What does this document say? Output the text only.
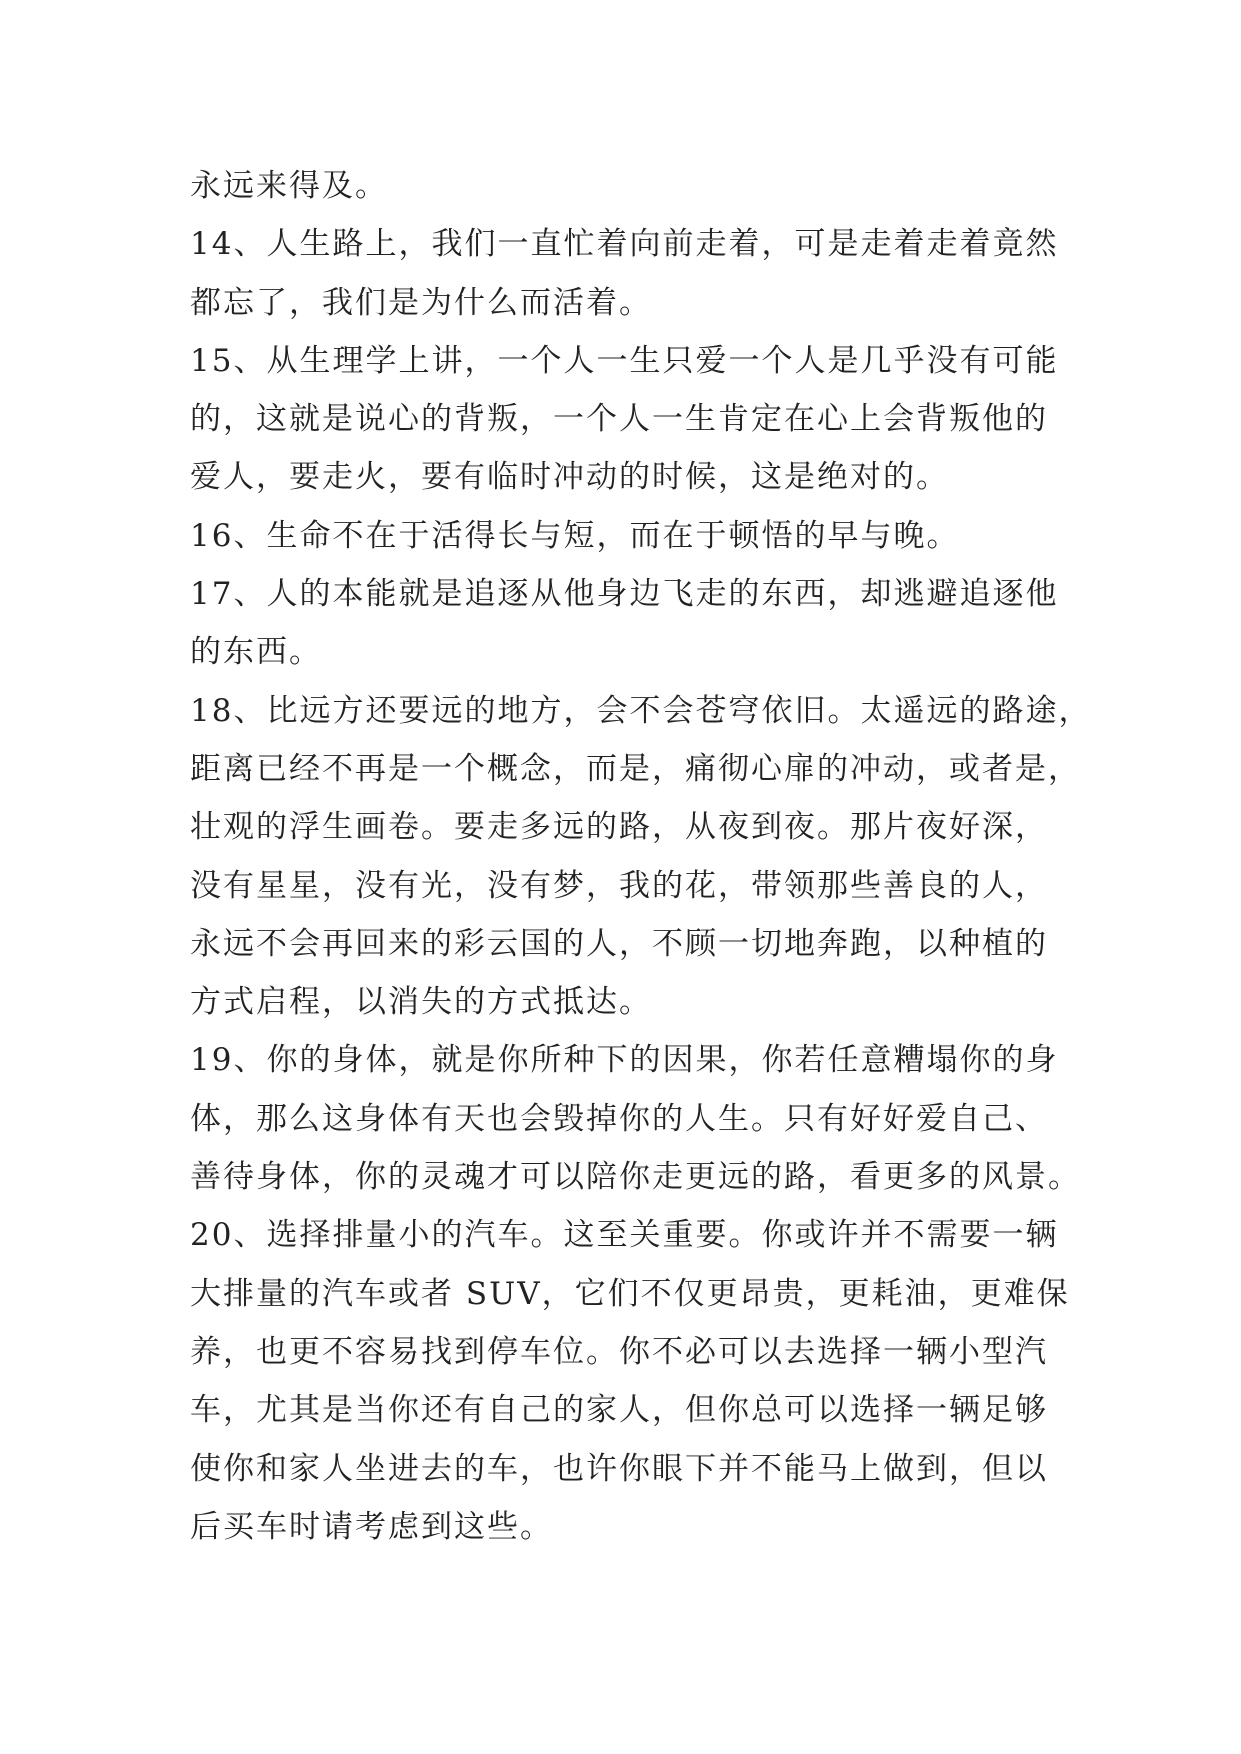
永远来得及。
14、人生路上，我们一直忙着向前走着，可是走着走着竟然
都忘了，我们是为什么而活着。
15、从生理学上讲，一个人一生只爱一个人是几乎没有可能
的，这就是说心的背叛，一个人一生肯定在心上会背叛他的
爱人，要走火，要有临时冲动的时候，这是绝对的。
16、生命不在于活得长与短，而在于顿悟的早与晚。
17、人的本能就是追逐从他身边飞走的东西，却逃避追逐他
的东西。
18、比远方还要远的地方，会不会苍穹依旧。太遥远的路途，
距离已经不再是一个概念，而是，痛彻心扉的冲动，或者是，
壮观的浮生画卷。要走多远的路，从夜到夜。那片夜好深，
没有星星，没有光，没有梦，我的花，带领那些善良的人，
永远不会再回来的彩云国的人，不顾一切地奔跑，以种植的
方式启程，以消失的方式抵达。
19、你的身体，就是你所种下的因果，你若任意糟塌你的身
体，那么这身体有天也会毁掉你的人生。只有好好爱自己、
善待身体，你的灵魂才可以陪你走更远的路，看更多的风景。
20、选择排量小的汽车。这至关重要。你或许并不需要一辆
大排量的汽车或者 SUV，它们不仅更昂贵，更耗油，更难保
养，也更不容易找到停车位。你不必可以去选择一辆小型汽
车，尤其是当你还有自己的家人，但你总可以选择一辆足够
使你和家人坐进去的车，也许你眼下并不能马上做到，但以
后买车时请考虑到这些。
